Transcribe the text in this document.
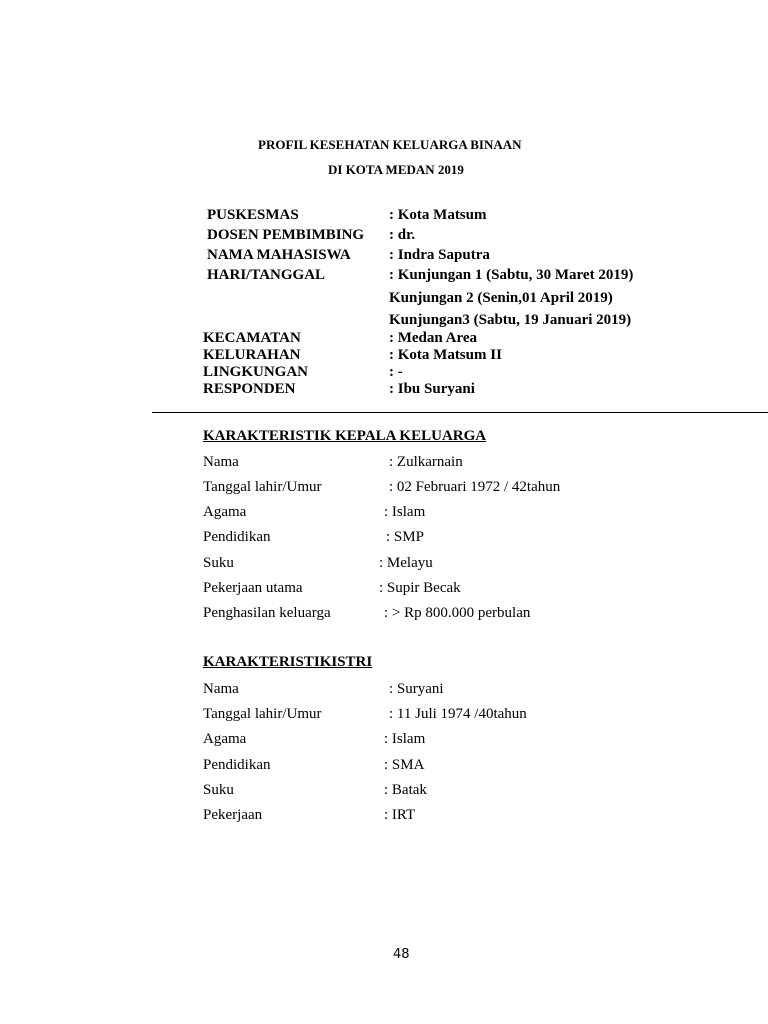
PROFIL KESEHATAN KELUARGA BINAAN
DI KOTA MEDAN 2019
PUSKESMAS	: Kota Matsum
DOSEN PEMBIMBING : dr.
NAMA MAHASISWA	: Indra Saputra
HARI/TANGGAL	: Kunjungan 1 (Sabtu, 30 Maret 2019)
Kunjungan 2 (Senin,01 April 2019)
Kunjungan3 (Sabtu, 19 Januari 2019)
KECAMATAN	: Medan Area
KELURAHAN	: Kota Matsum II
LINGKUNGAN	: -
RESPONDEN	: Ibu Suryani
KARAKTERISTIK KEPALA KELUARGA
Nama	: Zulkarnain
Tanggal lahir/Umur	: 02 Februari 1972 / 42tahun
Agama	: Islam
Pendidikan	: SMP
Suku	: Melayu
Pekerjaan utama	: Supir Becak
Penghasilan keluarga	: > Rp 800.000 perbulan
KARAKTERISTIKISTRI
Nama	: Suryani
Tanggal lahir/Umur	: 11 Juli 1974 /40tahun
Agama	: Islam
Pendidikan	: SMA
Suku	: Batak
Pekerjaan	: IRT
48
